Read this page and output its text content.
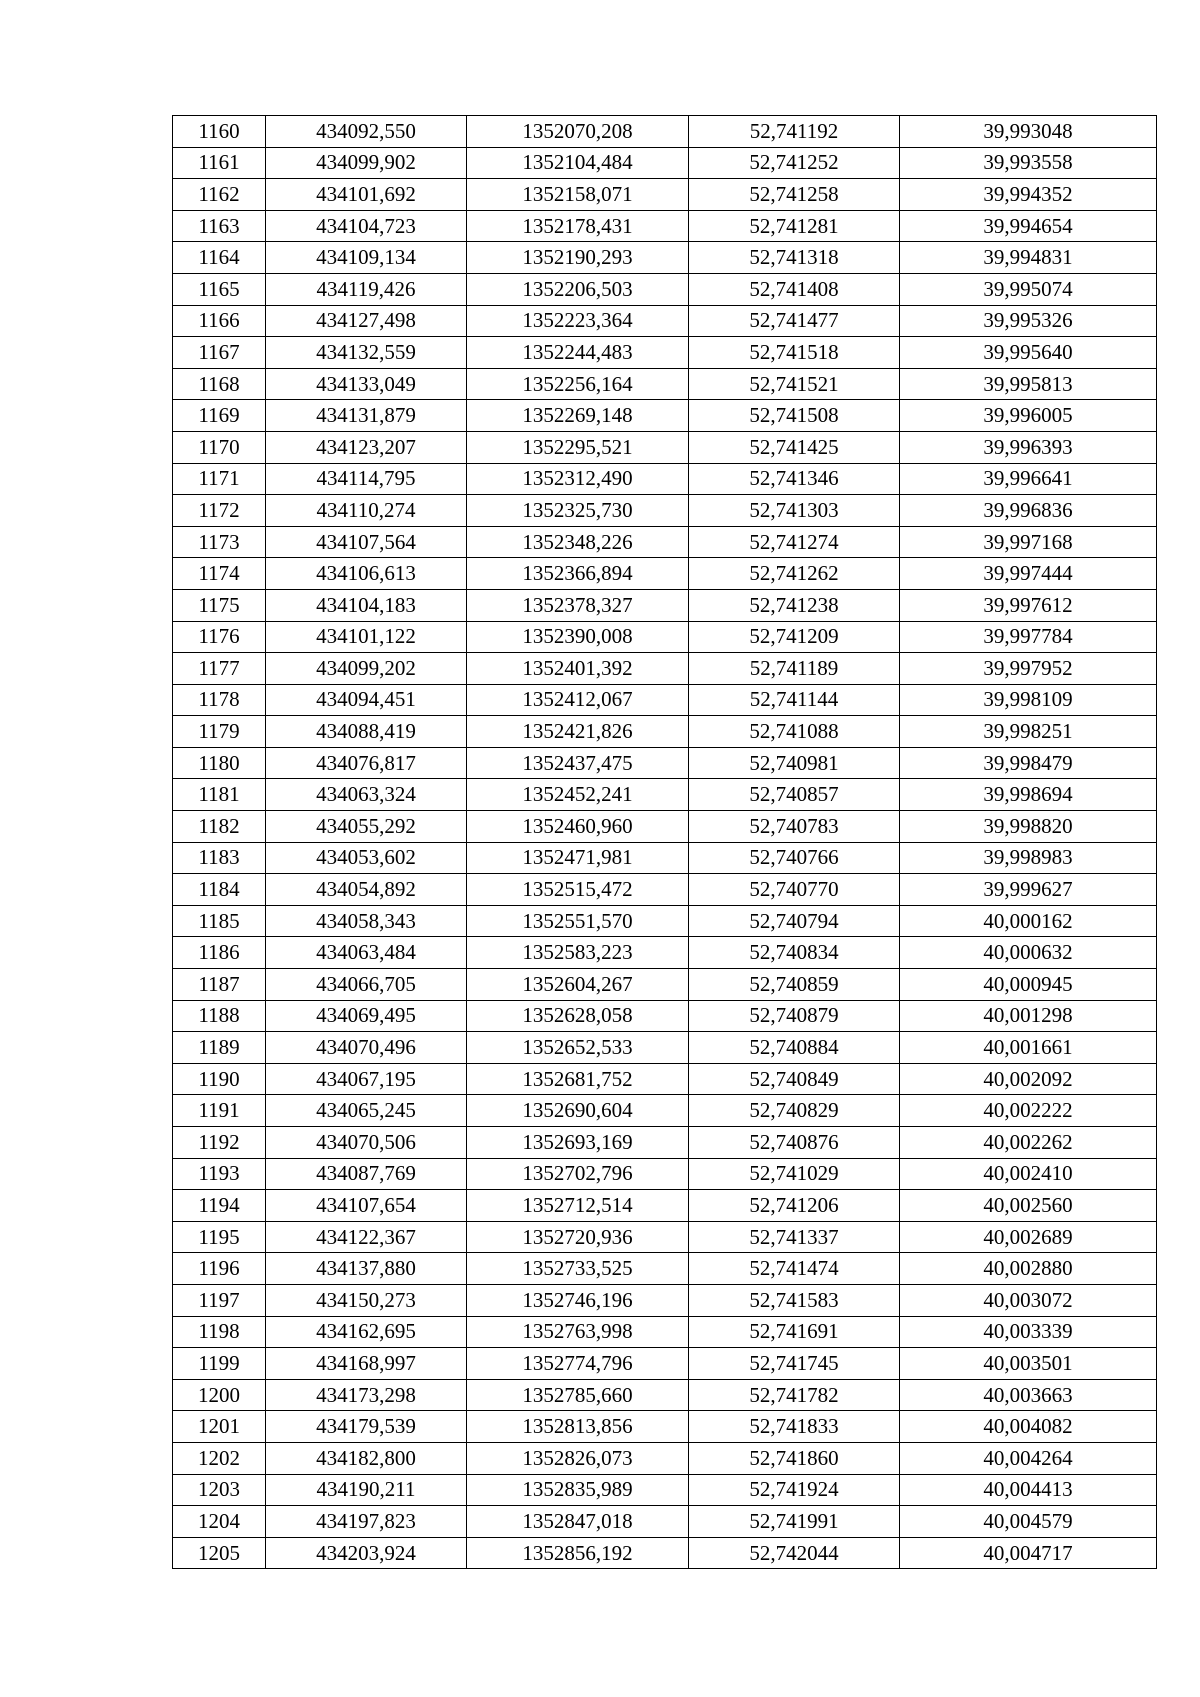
1160	434092,550	1352070,208	52,741192	39,993048
1161	434099,902	1352104,484	52,741252	39,993558
1162	434101,692	1352158,071	52,741258	39,994352
1163	434104,723	1352178,431	52,741281	39,994654
1164	434109,134	1352190,293	52,741318	39,994831
1165	434119,426	1352206,503	52,741408	39,995074
1166	434127,498	1352223,364	52,741477	39,995326
1167	434132,559	1352244,483	52,741518	39,995640
1168	434133,049	1352256,164	52,741521	39,995813
1169	434131,879	1352269,148	52,741508	39,996005
1170	434123,207	1352295,521	52,741425	39,996393
1171	434114,795	1352312,490	52,741346	39,996641
1172	434110,274	1352325,730	52,741303	39,996836
1173	434107,564	1352348,226	52,741274	39,997168
1174	434106,613	1352366,894	52,741262	39,997444
1175	434104,183	1352378,327	52,741238	39,997612
1176	434101,122	1352390,008	52,741209	39,997784
1177	434099,202	1352401,392	52,741189	39,997952
1178	434094,451	1352412,067	52,741144	39,998109
1179	434088,419	1352421,826	52,741088	39,998251
1180	434076,817	1352437,475	52,740981	39,998479
1181	434063,324	1352452,241	52,740857	39,998694
1182	434055,292	1352460,960	52,740783	39,998820
1183	434053,602	1352471,981	52,740766	39,998983
1184	434054,892	1352515,472	52,740770	39,999627
1185	434058,343	1352551,570	52,740794	40,000162
1186	434063,484	1352583,223	52,740834	40,000632
1187	434066,705	1352604,267	52,740859	40,000945
1188	434069,495	1352628,058	52,740879	40,001298
1189	434070,496	1352652,533	52,740884	40,001661
1190	434067,195	1352681,752	52,740849	40,002092
1191	434065,245	1352690,604	52,740829	40,002222
1192	434070,506	1352693,169	52,740876	40,002262
1193	434087,769	1352702,796	52,741029	40,002410
1194	434107,654	1352712,514	52,741206	40,002560
1195	434122,367	1352720,936	52,741337	40,002689
1196	434137,880	1352733,525	52,741474	40,002880
1197	434150,273	1352746,196	52,741583	40,003072
1198	434162,695	1352763,998	52,741691	40,003339
1199	434168,997	1352774,796	52,741745	40,003501
1200	434173,298	1352785,660	52,741782	40,003663
1201	434179,539	1352813,856	52,741833	40,004082
1202	434182,800	1352826,073	52,741860	40,004264
1203	434190,211	1352835,989	52,741924	40,004413
1204	434197,823	1352847,018	52,741991	40,004579
1205	434203,924	1352856,192	52,742044	40,004717
